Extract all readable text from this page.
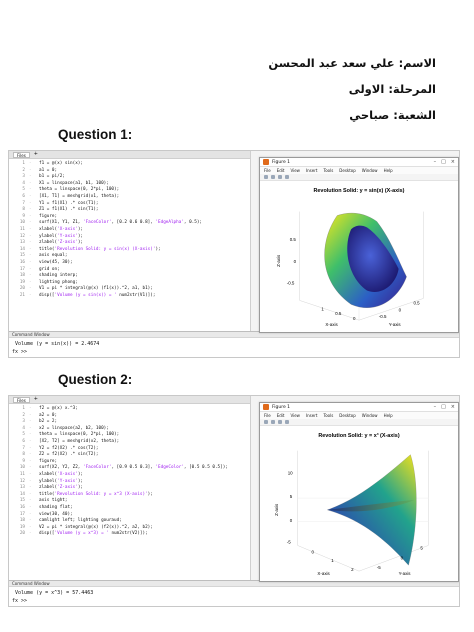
الاسم: علي سعد عبد المحسن
المرحلة: الاولى
الشعبة: صباحي
Question 1:
Files	+
1 -	f1 = @(x) sin(x);
2 -	a1 = 0;
3 -	b1 = pi/2;
4 -	X1 = linspace(a1, b1, 100);
5 -	theta = linspace(0, 2*pi, 100);
6 -	[X1, T1] = meshgrid(x1, theta);
7 -	Y1 = f1(X1) .* cos(T1);
8 -	Z1 = f1(X1) .* sin(T1);
9 -	figure;
10 -	surf(X1, Y1, Z1, 'FaceColor', [0.2 0.6 0.8], 'EdgeAlpha', 0.5);
11 -	xlabel('X-axis');
12 -	ylabel('Y-axis');
13 -	zlabel('Z-axis');
14 -	title('Revolution Solid: y = sin(x) (X-axis)');
15 -	axis equal;
16 -	view(45, 30);
17 -	grid on;
18 -	shading interp;
19 -	lighting phong;
20 -	V1 = pi * integral(@(x) (f1(x)).^2, a1, b1);
21 -	disp(['Volume (y = sin(x)) = ' num2str(V1)]);
Command Window
Volume (y = sin(x)) = 2.4674
fx >>
Figure 1	– □ ×
File Edit View Insert Tools Desktop Window Help
Revolution Solid: y = sin(x) (X-axis)
0.5
0
-0.5
Z-axis
1
0.5
0
X-axis
-0.5
0
0.5
Y-axis
Question 2:
Files	+
1 -	f2 = @(x) x.^3;
2 -	a2 = 0;
3 -	b2 = 2;
4 -	x2 = linspace(a2, b2, 100);
5 -	theta = linspace(0, 2*pi, 100);
6 -	[X2, T2] = meshgrid(x2, theta);
7 -	Y2 = f2(X2) .* cos(T2);
8 -	Z2 = f2(X2) .* sin(T2);
9 -	figure;
10 -	surf(X2, Y2, Z2, 'FaceColor', [0.9 0.5 0.3], 'EdgeColor', [0.5 0.5 0.5]);
11 -	xlabel('X-axis');
12 -	ylabel('Y-axis');
13 -	zlabel('Z-axis');
14 -	title('Revolution Solid: y = x^3 (X-axis)');
15 -	axis tight;
16 -	shading flat;
17 -	view(30, 40);
18 -	camlight left; lighting gouraud;
19 -	V2 = pi * integral(@(x) (f2(x)).^2, a2, b2);
20 -	disp(['Volume (y = x^3) = ' num2str(V2)]);
Command Window
Volume (y = x^3) = 57.4463
fx >>
Figure 1	– □ ×
File Edit View Insert Tools Desktop Window Help
Revolution Solid: y = x³ (X-axis)
10
5
0
-5
Z-axis
0
1
2
X-axis
-5
0
5
Y-axis
